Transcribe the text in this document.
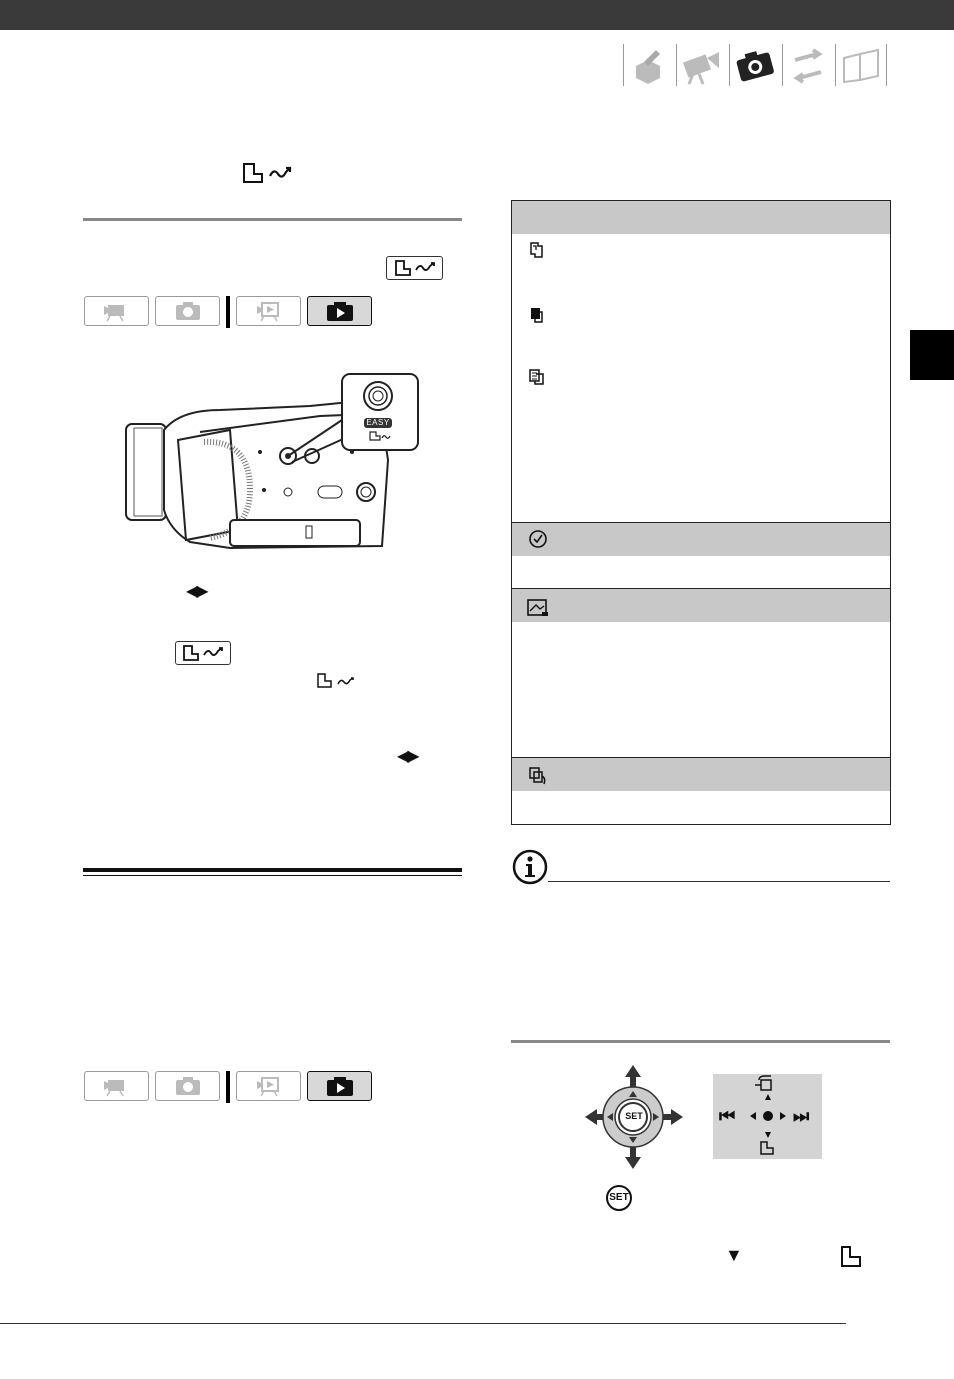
EASY
◀▶
◀▶
SET	⏮	⏭
SET
▼
